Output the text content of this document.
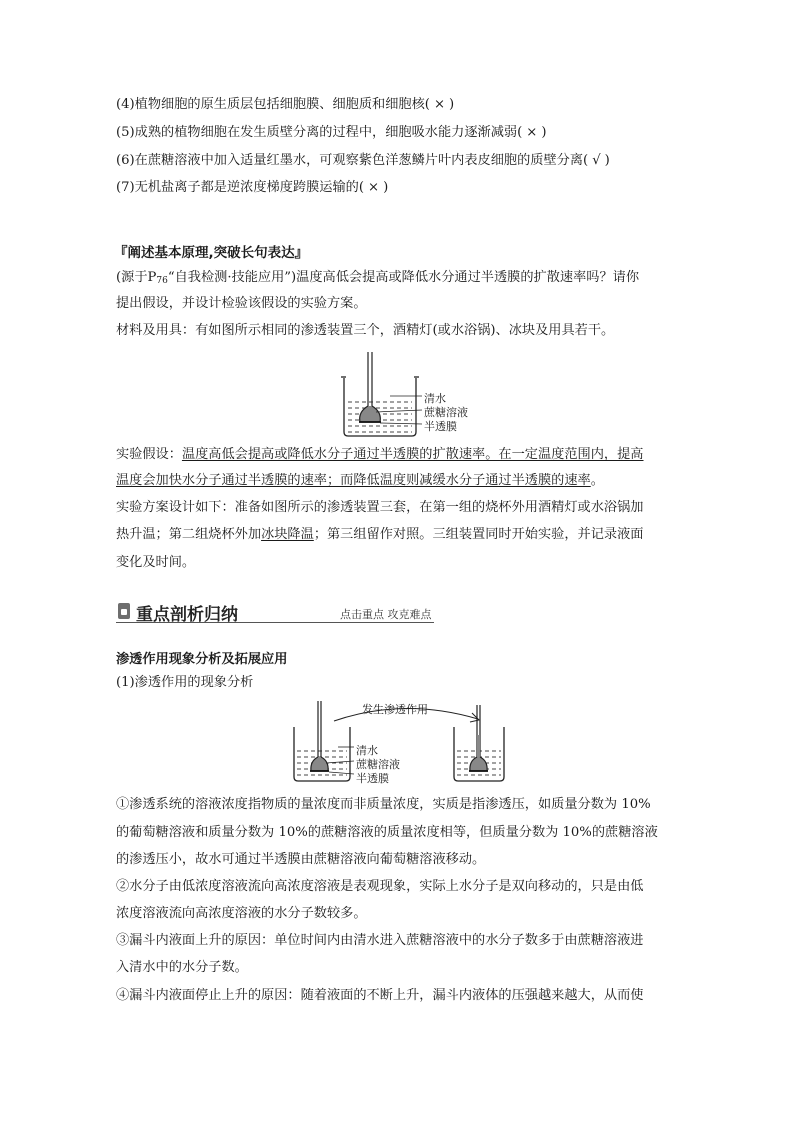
(4)植物细胞的原生质层包括细胞膜、细胞质和细胞核( × )
(5)成熟的植物细胞在发生质壁分离的过程中，细胞吸水能力逐渐减弱( × )
(6)在蔗糖溶液中加入适量红墨水，可观察紫色洋葱鳞片叶内表皮细胞的质壁分离( √ )
(7)无机盐离子都是逆浓度梯度跨膜运输的( × )
『阐述基本原理,突破长句表达』
(源于$P_{76}“$自我检测·技能应用”)温度高低会提高或降低水分通过半透膜的扩散速率吗？请你
提出假设，并设计检验该假设的实验方案。
材料及用具：有如图所示相同的渗透装置三个，酒精灯(或水浴锅)、冰块及用具若干。
清水
蔗糖溶液
半透膜
实验假设：温度高低会提高或降低水分子通过半透膜的扩散速率。在一定温度范围内，提高
温度会加快水分子通过半透膜的速率；而降低温度则减缓水分子通过半透膜的速率。
实验方案设计如下：准备如图所示的渗透装置三套，在第一组的烧杯外用酒精灯或水浴锅加
热升温；第二组烧杯外加冰块降温；第三组留作对照。三组装置同时开始实验，并记录液面
变化及时间。
重点剖析归纳	点击重点 攻克难点
渗透作用现象分析及拓展应用
(1)渗透作用的现象分析
发生渗透作用
清水
蔗糖溶液
半透膜
①渗透系统的溶液浓度指物质的量浓度而非质量浓度，实质是指渗透压，如质量分数为 10%
的葡萄糖溶液和质量分数为 10%的蔗糖溶液的质量浓度相等，但质量分数为 10%的蔗糖溶液
的渗透压小，故水可通过半透膜由蔗糖溶液向葡萄糖溶液移动。
②水分子由低浓度溶液流向高浓度溶液是表观现象，实际上水分子是双向移动的，只是由低
浓度溶液流向高浓度溶液的水分子数较多。
③漏斗内液面上升的原因：单位时间内由清水进入蔗糖溶液中的水分子数多于由蔗糖溶液进
入清水中的水分子数。
④漏斗内液面停止上升的原因：随着液面的不断上升，漏斗内液体的压强越来越大，从而使
